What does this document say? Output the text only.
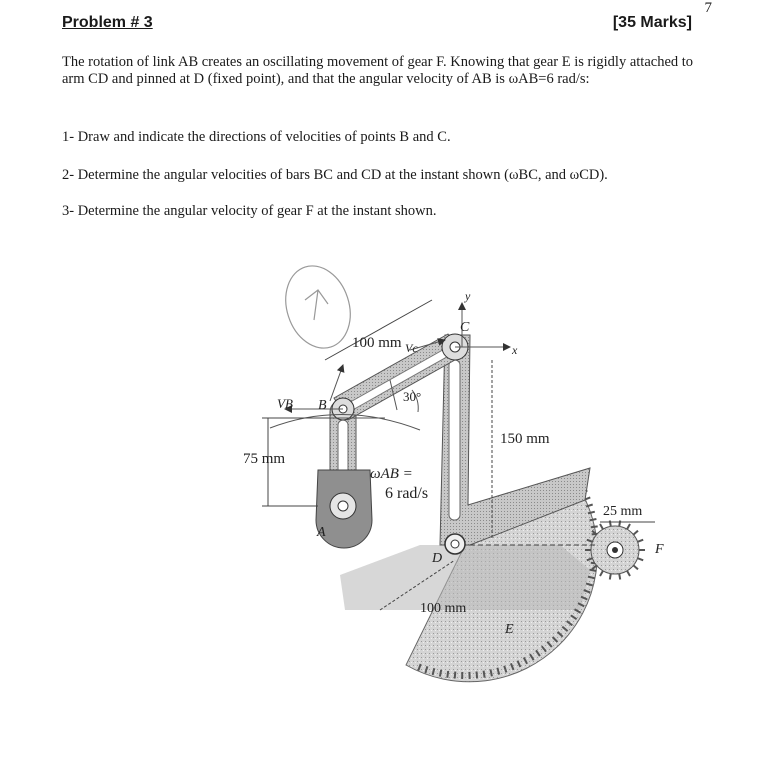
7
Problem # 3	[35 Marks]
The rotation of link AB creates an oscillating movement of gear F. Knowing that gear E is rigidly attached to arm CD and pinned at D (fixed point), and that the angular velocity of AB is ωAB=6 rad/s:
1- Draw and indicate the directions of velocities of points B and C.
2- Determine the angular velocities of bars BC and CD at the instant shown (ωBC, and ωCD).
3- Determine the angular velocity of gear F at the instant shown.
100 mm
30°
150 mm
75 mm
ωAB =
6 rad/s
100 mm
25 mm
A
B
C
D
E
F
VB
Vc	x
y
